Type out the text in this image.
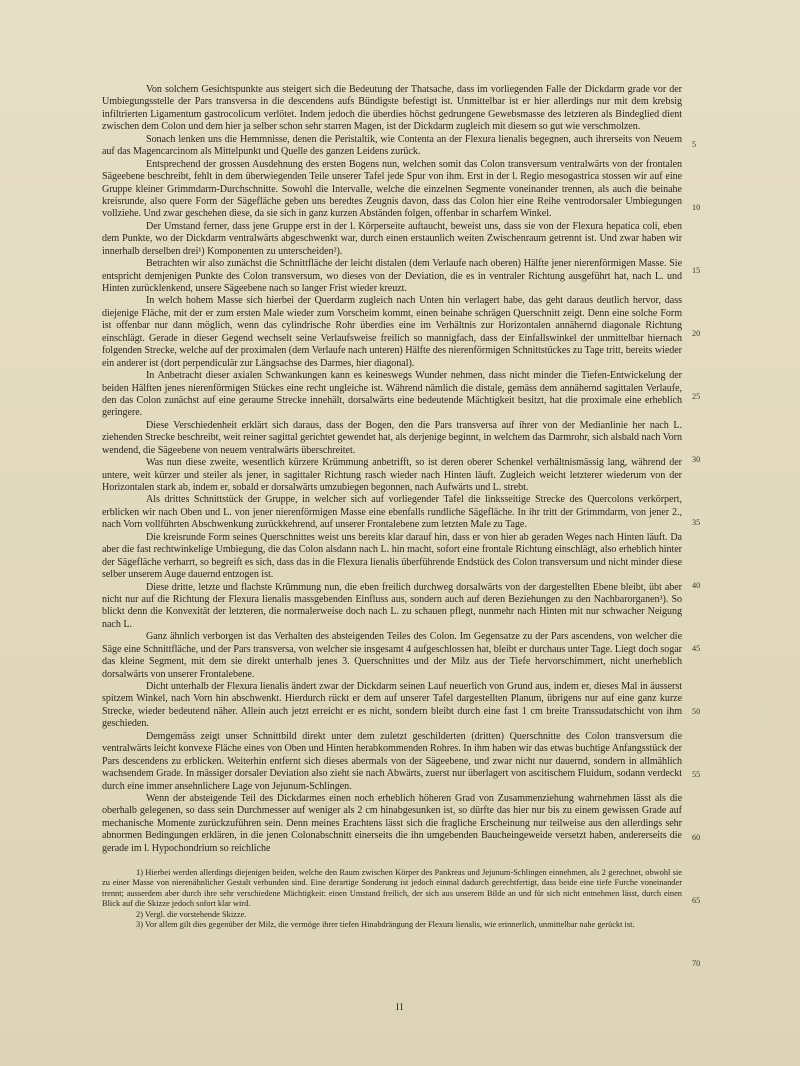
Von solchem Gesichtspunkte aus steigert sich die Bedeutung der Thatsache, dass im vorliegenden Falle der Dickdarm grade vor der Umbiegungsstelle der Pars transversa in die descendens aufs Bündigste befestigt ist. Unmittelbar ist er hier allerdings nur mit dem krebsig infiltrierten Ligamentum gastrocolicum verlötet. Indem jedoch die überdies höchst gedrungene Gewebsmasse des letzteren als Bindeglied dient zwischen dem Colon und dem hier ja selber schon sehr starren Magen, ist der Dickdarm zugleich mit diesem so gut wie verschmolzen.

Sonach lenken uns die Hemmnisse, denen die Peristaltik, wie Contenta an der Flexura lienalis begegnen, auch ihrerseits von Neuem auf das Magencarcinom als Mittelpunkt und Quelle des ganzen Leidens zurück.

Entsprechend der grossen Ausdehnung des ersten Bogens nun, welchen somit das Colon transversum ventralwärts von der frontalen Sägeebene beschreibt, fehlt in dem überwiegenden Teile unserer Tafel jede Spur von ihm. Erst in der l. Regio mesogastrica stossen wir auf eine Gruppe kleiner Grimmdarm-Durchschnitte. Sowohl die Intervalle, welche die einzelnen Segmente voneinander trennen, als auch die beinahe kreisrunde, also quere Form der Sägefläche geben uns beredtes Zeugnis davon, dass das Colon hier eine Reihe ventrodorsaler Umbiegungen vollziehe. Und zwar geschehen diese, da sie sich in ganz kurzen Abständen folgen, offenbar in scharfem Winkel.

Der Umstand ferner, dass jene Gruppe erst in der l. Körperseite auftaucht, beweist uns, dass sie von der Flexura hepatica coli, eben dem Punkte, wo der Dickdarm ventralwärts abgeschwenkt war, durch einen erstaunlich weiten Zwischenraum getrennt ist. Und zwar haben wir innerhalb derselben drei¹) Komponenten zu unterscheiden²).

Betrachten wir also zunächst die Schnittfläche der leicht distalen (dem Verlaufe nach oberen) Hälfte jener nierenförmigen Masse. Sie entspricht demjenigen Punkte des Colon transversum, wo dieses von der Deviation, die es in ventraler Richtung ausgeführt hat, nach L. und Hinten zurücklenkend, unsere Sägeebene nach so langer Frist wieder kreuzt.

In welch hohem Masse sich hierbei der Querdarm zugleich nach Unten hin verlagert habe, das geht daraus deutlich hervor, dass diejenige Fläche, mit der er zum ersten Male wieder zum Vorscheim kommt, einen beinahe schrägen Querschnitt zeigt. Denn eine solche Form ist offenbar nur dann möglich, wenn das cylindrische Rohr überdies eine im Verhältnis zur Horizontalen annähernd diagonale Richtung einschlägt. Gerade in dieser Gegend wechselt seine Verlaufsweise freilich so mannigfach, dass der Einfallswinkel der unmittelbar hiernach folgenden Strecke, welche auf der proximalen (dem Verlaufe nach unteren) Hälfte des nierenförmigen Schnittstückes zu Tage tritt, bereits wieder ein anderer ist (dort perpendiculär zur Längsachse des Darmes, hier diagonal).

In Anbetracht dieser axialen Schwankungen kann es keineswegs Wunder nehmen, dass nicht minder die Tiefen-Entwickelung der beiden Hälften jenes nierenförmigen Stückes eine recht ungleiche ist. Während nämlich die distale, gemäss dem annähernd sagittalen Verlaufe, den das Colon zunächst auf eine geraume Strecke innehält, dorsalwärts eine bedeutende Mächtigkeit besitzt, hat die proximale eine erheblich geringere.

Diese Verschiedenheit erklärt sich daraus, dass der Bogen, den die Pars transversa auf ihrer von der Medianlinie her nach L. ziehenden Strecke beschreibt, weit reiner sagittal gerichtet gewendet hat, als derjenige beginnt, in welchem das Darmrohr, sich alsbald nach Vorn wendend, die Sägeebene von neuem ventralwärts überschreitet.

Was nun diese zweite, wesentlich kürzere Krümmung anbetrifft, so ist deren oberer Schenkel verhältnismässig lang, während der untere, weit kürzer und steiler als jener, in sagittaler Richtung rasch wieder nach Hinten läuft. Zugleich weicht letzterer wiederum von der Horizontalen stark ab, indem er, sobald er dorsalwärts umzubiegen begonnen, nach Aufwärts und L. strebt.

Als drittes Schnittstück der Gruppe, in welcher sich auf vorliegender Tafel die linksseitige Strecke des Quercolons verkörpert, erblicken wir nach Oben und L. von jener nierenförmigen Masse eine ebenfalls rundliche Sägefläche. In ihr tritt der Grimmdarm, von jener 2., nach Vorn vollführten Abschwenkung zurückkehrend, auf unserer Frontalebene zum letzten Male zu Tage.

Die kreisrunde Form seines Querschnittes weist uns bereits klar darauf hin, dass er von hier ab geraden Weges nach Hinten läuft. Da aber die fast rechtwinkelige Umbiegung, die das Colon alsdann nach L. hin macht, sofort eine frontale Richtung einschlägt, also erheblich hinter der Sägefläche verharrt, so begreift es sich, dass das in die Flexura lienalis überführende Endstück des Colon transversum und nicht minder diese selber unserem Auge dauernd entzogen ist.

Diese dritte, letzte und flachste Krümmung nun, die eben freilich durchweg dorsalwärts von der dargestellten Ebene bleibt, übt aber nicht nur auf die Richtung der Flexura lienalis massgebenden Einfluss aus, sondern auch auf deren Beziehungen zu den Nachbarorganen³). So blickt denn die Konvexität der letzteren, die normalerweise doch nach L. zu schauen pflegt, nunmehr nach Hinten mit nur schwacher Neigung nach L.

Ganz ähnlich verborgen ist das Verhalten des absteigenden Teiles des Colon. Im Gegensatze zu der Pars ascendens, von welcher die Säge eine Schnittfläche, und der Pars transversa, von welcher sie insgesamt 4 aufgeschlossen hat, bleibt er durchaus unter Tage. Liegt doch sogar das kleine Segment, mit dem sie direkt unterhalb jenes 3. Querschnittes und der Milz aus der Tiefe hervorschimmert, nicht unerheblich dorsalwärts von unserer Frontalebene.

Dicht unterhalb der Flexura lienalis ändert zwar der Dickdarm seinen Lauf neuerlich von Grund aus, indem er, dieses Mal in äusserst spitzem Winkel, nach Vorn hin abschwenkt. Hierdurch rückt er dem auf unserer Tafel dargestellten Planum, übrigens nur auf eine ganz kurze Strecke, wieder bedeutend näher. Allein auch jetzt erreicht er es nicht, sondern bleibt durch eine fast 1 cm breite Transsudatschicht von ihm geschieden.

Demgemäss zeigt unser Schnittbild direkt unter dem zuletzt geschilderten (dritten) Querschnitte des Colon transversum die ventralwärts leicht konvexe Fläche eines von Oben und Hinten herabkommenden Rohres. In ihm haben wir das etwas buchtige Anfangsstück der Pars descendens zu erblicken. Weiterhin entfernt sich dieses abermals von der Sägeebene, und zwar nicht nur dauernd, sondern in allmählich wachsendem Grade. In mässiger dorsaler Deviation also zieht sie nach Abwärts, zuerst nur überlagert von ascitischem Fluidum, sodann verdeckt durch eine immer ansehnlichere Lage von Jejunum-Schlingen.

Wenn der absteigende Teil des Dickdarmes einen noch erheblich höheren Grad von Zusammenziehung wahrnehmen lässt als die oberhalb gelegenen, so dass sein Durchmesser auf weniger als 2 cm hinabgesunken ist, so dürfte das hier nur bis zu einem gewissen Grade auf mechanische Momente zurückzuführen sein. Denn meines Erachtens lässt sich die fragliche Erscheinung nur teilweise aus den allerdings sehr abnormen Bedingungen erklären, in die jenen Colonabschnitt einerseits die ihn umgebenden Baucheingeweide versetzt haben, andererseits die gerade im l. Hypochondrium so reichliche

5
10
15
20
25
30
35
40
45
50
55
60
65
70

1) Hierbei werden allerdings diejenigen beiden, welche den Raum zwischen Körper des Pankreas und Jejunum-Schlingen einnehmen, als 2 gerechnet, obwohl sie zu einer Masse von nierenähnlicher Gestalt verbunden sind. Eine derartige Sonderung ist jedoch einmal dadurch gerechtfertigt, dass beide eine tiefe Furche voneinander trennt; ausserdem aber durch ihre sehr verschiedene Mächtigkeit: einen Umstand freilich, der sich aus unserem Bilde an und für sich nicht entnehmen lässt, durch einen Blick auf die Skizze jedoch sofort klar wird.

2) Vergl. die vorstehende Skizze.

3) Vor allem gilt dies gegenüber der Milz, die vermöge ihrer tiefen Hinabdrängung der Flexura lienalis, wie erinnerlich, unmittelbar nahe gerückt ist.

II
